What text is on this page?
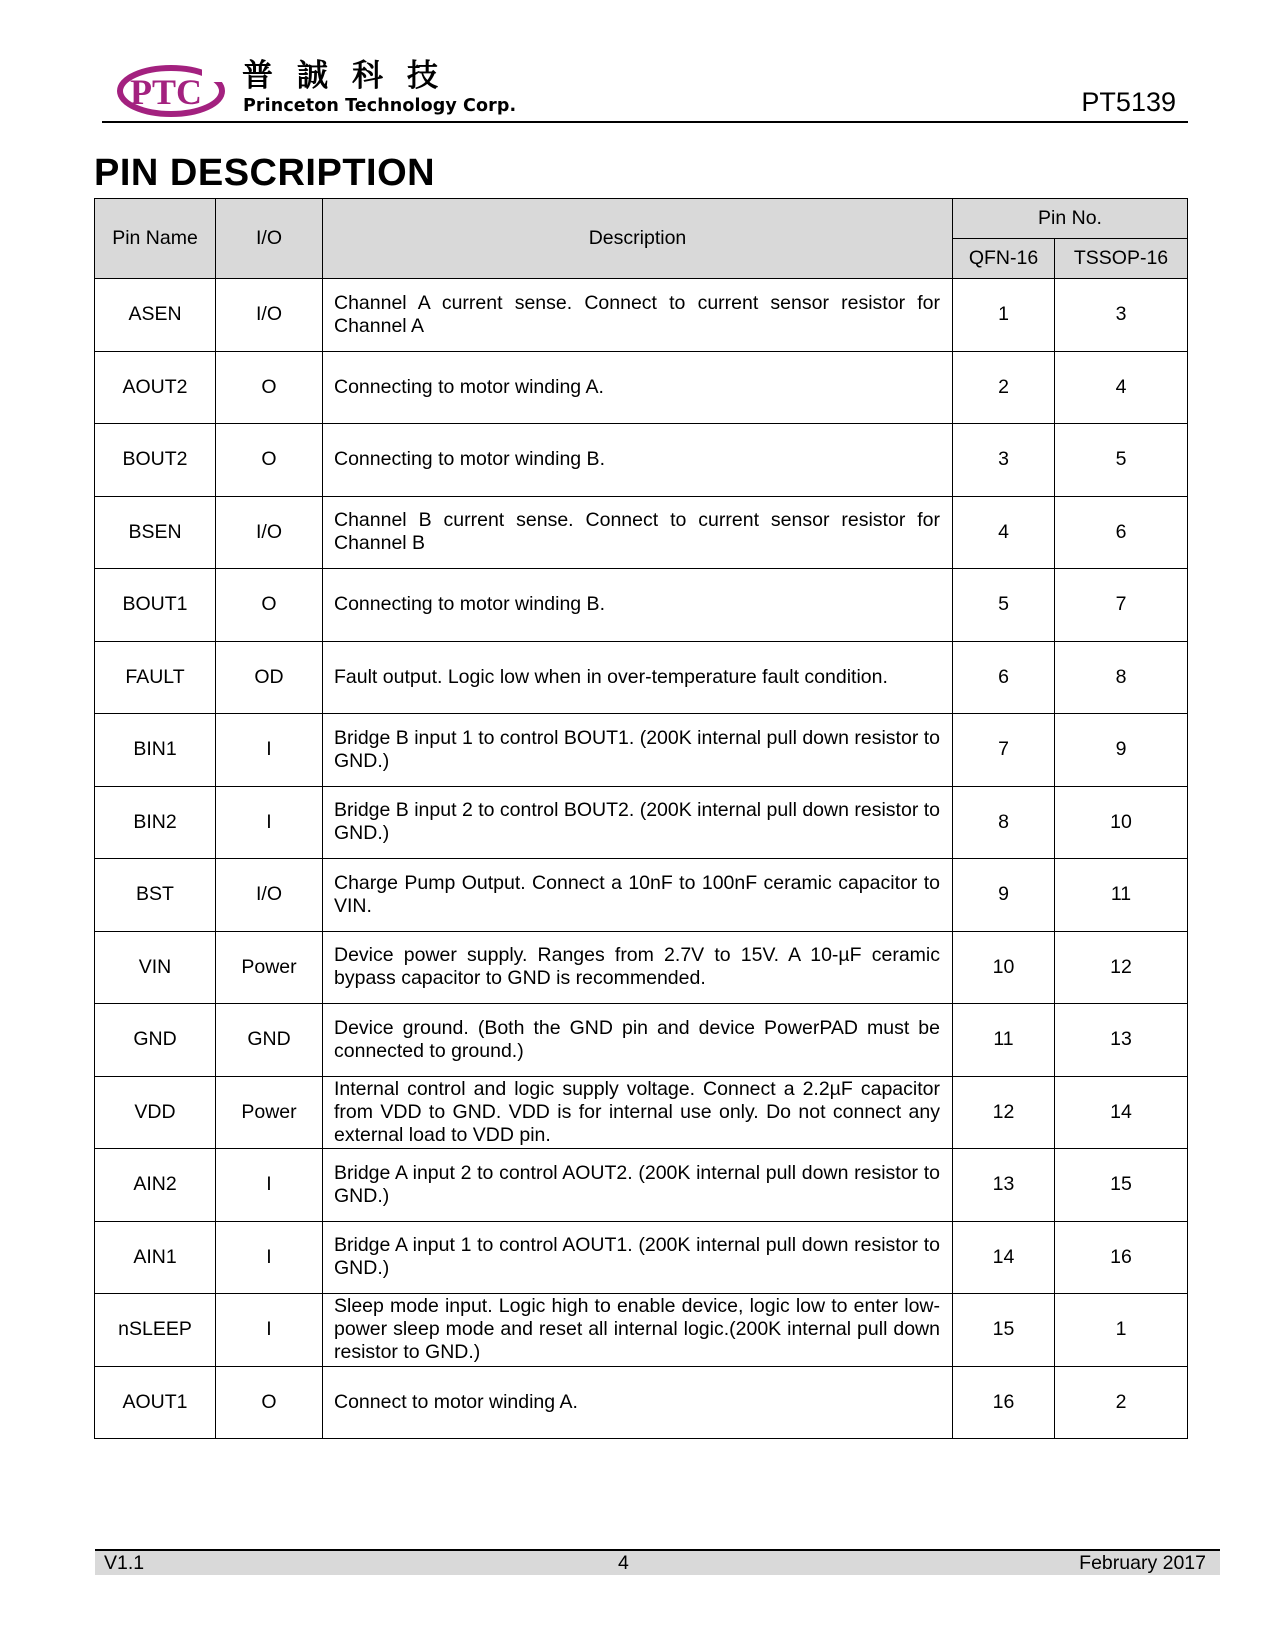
PTC 普誠科技
Princeton Technology Corp.	PT5139
PIN DESCRIPTION
Pin Name	I/O	Description	Pin No.	
			QFN-16	TSSOP-16
ASEN	I/O	Channel A current sense. Connect to current sensor resistor for Channel A	1	3
AOUT2	O	Connecting to motor winding A.	2	4
BOUT2	O	Connecting to motor winding B.	3	5
BSEN	I/O	Channel B current sense. Connect to current sensor resistor for Channel B	4	6
BOUT1	O	Connecting to motor winding B.	5	7
FAULT	OD	Fault output. Logic low when in over-temperature fault condition.	6	8
BIN1	I	Bridge B input 1 to control BOUT1. (200K internal pull down resistor to GND.)	7	9
BIN2	I	Bridge B input 2 to control BOUT2. (200K internal pull down resistor to GND.)	8	10
BST	I/O	Charge Pump Output. Connect a 10nF to 100nF ceramic capacitor to VIN.	9	11
VIN	Power	Device power supply. Ranges from 2.7V to 15V. A 10-µF ceramic bypass capacitor to GND is recommended.	10	12
GND	GND	Device ground. (Both the GND pin and device PowerPAD must be connected to ground.)	11	13
VDD	Power	Internal control and logic supply voltage. Connect a 2.2µF capacitor from VDD to GND. VDD is for internal use only. Do not connect any external load to VDD pin.	12	14
AIN2	I	Bridge A input 2 to control AOUT2. (200K internal pull down resistor to GND.)	13	15
AIN1	I	Bridge A input 1 to control AOUT1. (200K internal pull down resistor to GND.)	14	16
nSLEEP	I	Sleep mode input. Logic high to enable device, logic low to enter low-power sleep mode and reset all internal logic.(200K internal pull down resistor to GND.)	15	1
AOUT1	O	Connect to motor winding A.	16	2
V1.1	4	February 2017
